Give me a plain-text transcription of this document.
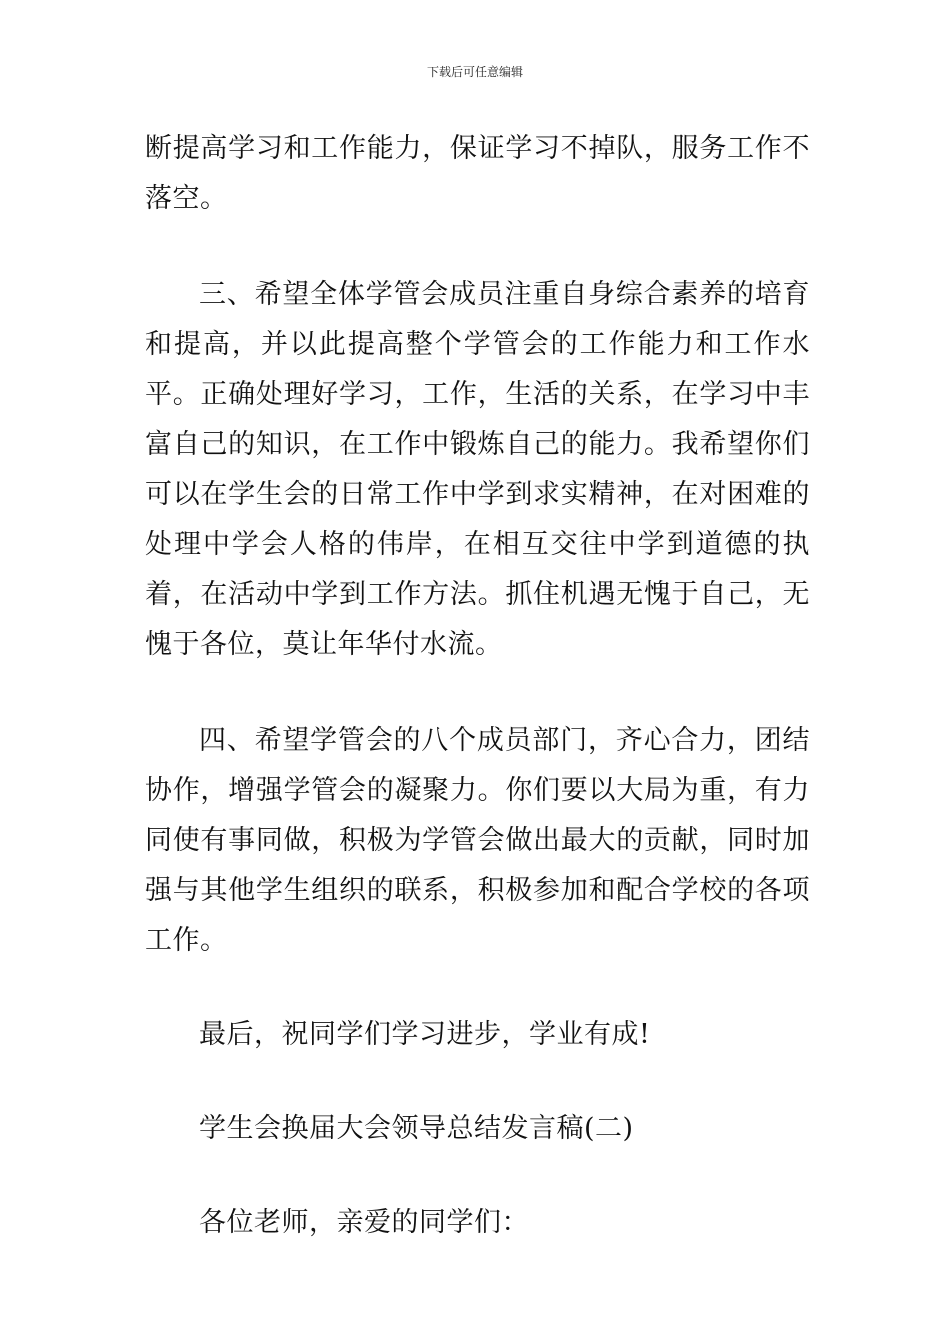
下载后可任意编辑

断提高学习和工作能力，保证学习不掉队，服务工作不落空。

三、希望全体学管会成员注重自身综合素养的培育和提高，并以此提高整个学管会的工作能力和工作水平。正确处理好学习，工作，生活的关系，在学习中丰富自己的知识，在工作中锻炼自己的能力。我希望你们可以在学生会的日常工作中学到求实精神，在对困难的处理中学会人格的伟岸，在相互交往中学到道德的执着，在活动中学到工作方法。抓住机遇无愧于自己，无愧于各位，莫让年华付水流。

四、希望学管会的八个成员部门，齐心合力，团结协作，增强学管会的凝聚力。你们要以大局为重，有力同使有事同做，积极为学管会做出最大的贡献，同时加强与其他学生组织的联系，积极参加和配合学校的各项工作。

最后，祝同学们学习进步，学业有成!

学生会换届大会领导总结发言稿(二)

各位老师，亲爱的同学们：
